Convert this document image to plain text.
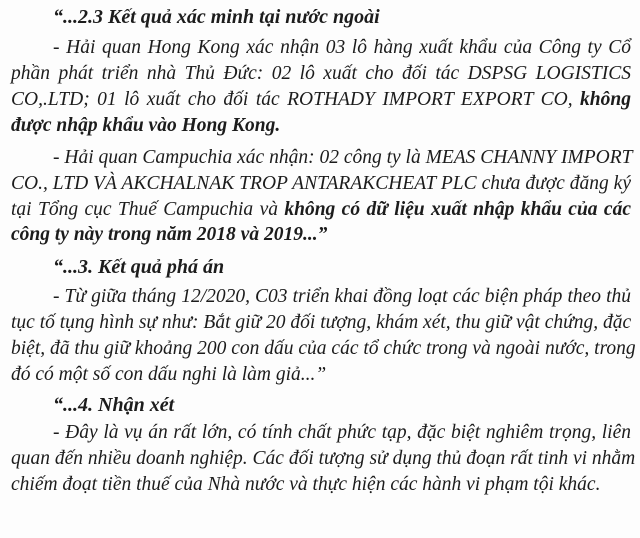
“...2.3 Kết quả xác minh tại nước ngoài
- Hải quan Hong Kong xác nhận 03 lô hàng xuất khẩu của Công ty Cổ
phần phát triển nhà Thủ Đức: 02 lô xuất cho đối tác DSPSG LOGISTICS
CO,.LTD; 01 lô xuất cho đối tác ROTHADY IMPORT EXPORT CO, không
được nhập khẩu vào Hong Kong.
- Hải quan Campuchia xác nhận: 02 công ty là MEAS CHANNY IMPORT
CO., LTD VÀ AKCHALNAK TROP ANTARAKCHEAT PLC chưa được đăng ký
tại Tổng cục Thuế Campuchia và không có dữ liệu xuất nhập khẩu của các
công ty này trong năm 2018 và 2019...”
“...3. Kết quả phá án
- Từ giữa tháng 12/2020, C03 triển khai đồng loạt các biện pháp theo thủ
tục tố tụng hình sự như: Bắt giữ 20 đối tượng, khám xét, thu giữ vật chứng, đặc
biệt, đã thu giữ khoảng 200 con dấu của các tổ chức trong và ngoài nước, trong
đó có một số con dấu nghi là làm giả...”
“...4. Nhận xét
- Đây là vụ án rất lớn, có tính chất phức tạp, đặc biệt nghiêm trọng, liên
quan đến nhiều doanh nghiệp. Các đối tượng sử dụng thủ đoạn rất tinh vi nhằm
chiếm đoạt tiền thuế của Nhà nước và thực hiện các hành vi phạm tội khác.
